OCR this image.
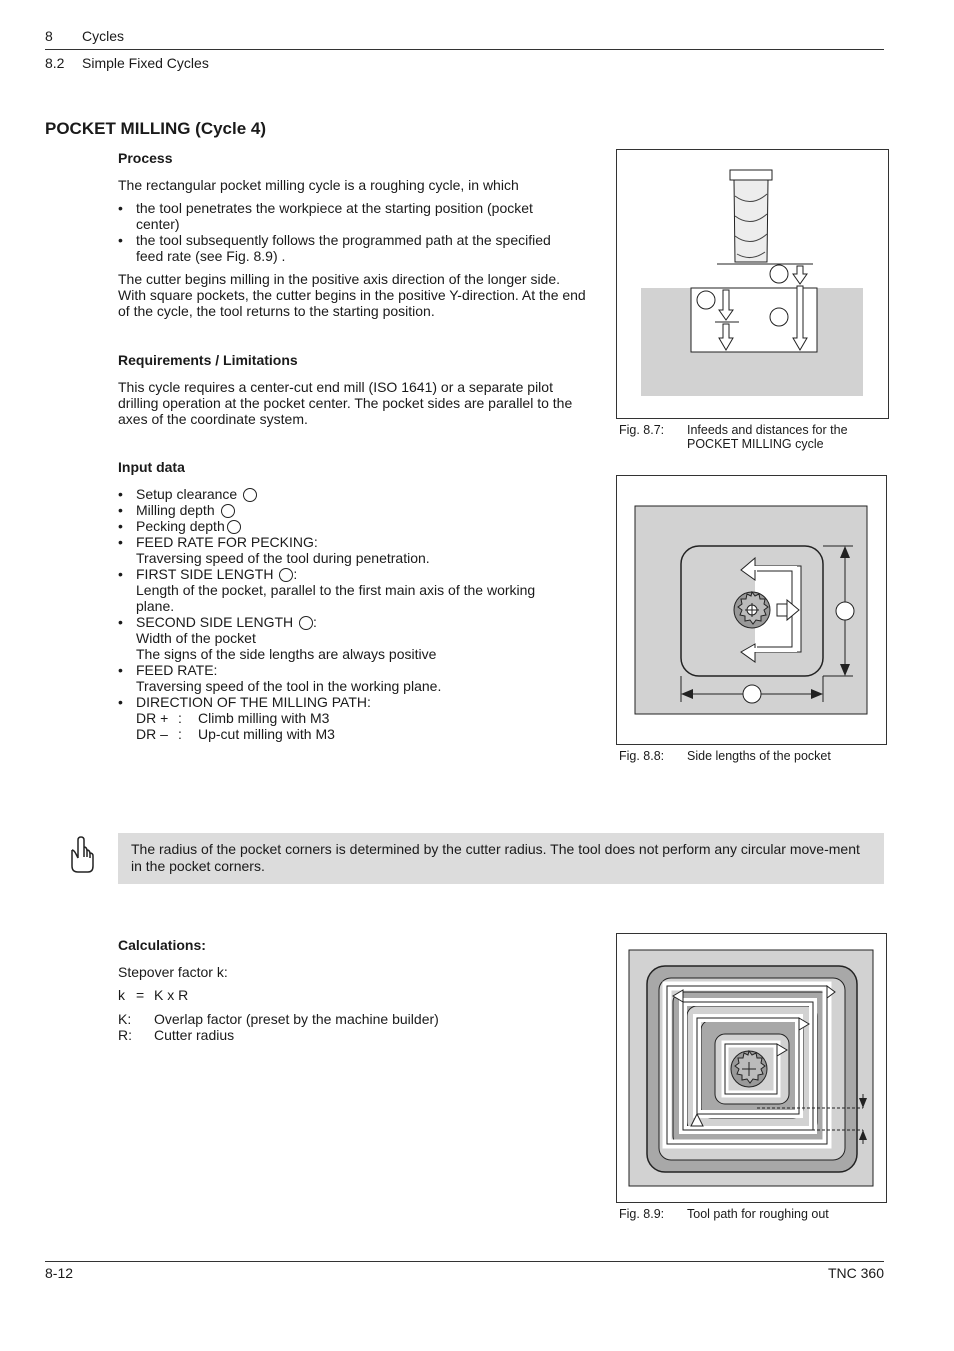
8 Cycles
8.2 Simple Fixed Cycles
POCKET MILLING (Cycle 4)
Process

The rectangular pocket milling cycle is a roughing cycle, in which

• the tool penetrates the workpiece at the starting position (pocket center)
• the tool subsequently follows the programmed path at the specified feed rate (see Fig. 8.9) .

The cutter begins milling in the positive axis direction of the longer side. With square pockets, the cutter begins in the positive Y-direction. At the end of the cycle, the tool returns to the starting position.

Requirements / Limitations

This cycle requires a center-cut end mill (ISO 1641) or a separate pilot drilling operation at the pocket center. The pocket sides are parallel to the axes of the coordinate system.

Input data
• Setup clearance
• Milling depth
• Pecking depth
• FEED RATE FOR PECKING:
Traversing speed of the tool during penetration.
• FIRST SIDE LENGTH :
Length of the pocket, parallel to the first main axis of the working plane.
• SECOND SIDE LENGTH :
Width of the pocket
The signs of the side lengths are always positive
• FEED RATE:
Traversing speed of the tool in the working plane.
• DIRECTION OF THE MILLING PATH:
DR + :	Climb milling with M3
DR – :	Up-cut milling with M3
Fig. 8.7: Infeeds and distances for the POCKET MILLING cycle
Fig. 8.8: Side lengths of the pocket
The radius of the pocket corners is determined by the cutter radius. The tool does not perform any circular move-ment in the pocket corners.
Calculations:

Stepover factor k:

k = K x R
K:	Overlap factor (preset by the machine builder)
R:	Cutter radius
Fig. 8.9: Tool path for roughing out
8-12	TNC 360
